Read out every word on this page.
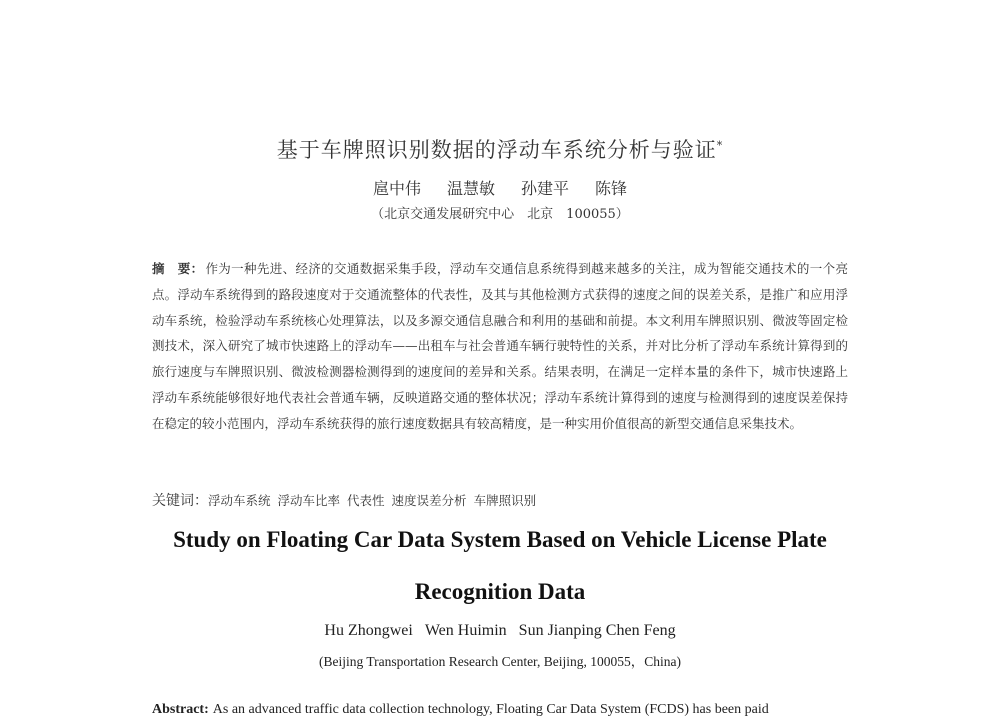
基于车牌照识别数据的浮动车系统分析与验证*
扈中伟 温慧敏 孙建平 陈锋
（北京交通发展研究中心　北京　100055）
摘　要： 作为一种先进、经济的交通数据采集手段，浮动车交通信息系统得到越来越多的关注，成为智能交通技术的一个亮点。浮动车系统得到的路段速度对于交通流整体的代表性，及其与其他检测方式获得的速度之间的误差关系，是推广和应用浮动车系统，检验浮动车系统核心处理算法，以及多源交通信息融合和利用的基础和前提。本文利用车牌照识别、微波等固定检测技术，深入研究了城市快速路上的浮动车——出租车与社会普通车辆行驶特性的关系，并对比分析了浮动车系统计算得到的旅行速度与车牌照识别、微波检测器检测得到的速度间的差异和关系。结果表明，在满足一定样本量的条件下，城市快速路上浮动车系统能够很好地代表社会普通车辆，反映道路交通的整体状况；浮动车系统计算得到的速度与检测得到的速度误差保持在稳定的较小范围内，浮动车系统获得的旅行速度数据具有较高精度，是一种实用价值很高的新型交通信息采集技术。
关键词：浮动车系统 浮动车比率 代表性 速度误差分析 车牌照识别
Study on Floating Car Data System Based on Vehicle License Plate
Recognition Data
Hu Zhongwei Wen Huimin Sun Jianping Chen Feng
(Beijing Transportation Research Center, Beijing, 100055，China)
Abstract: As an advanced traffic data collection technology, Floating Car Data System (FCDS) has been paid
